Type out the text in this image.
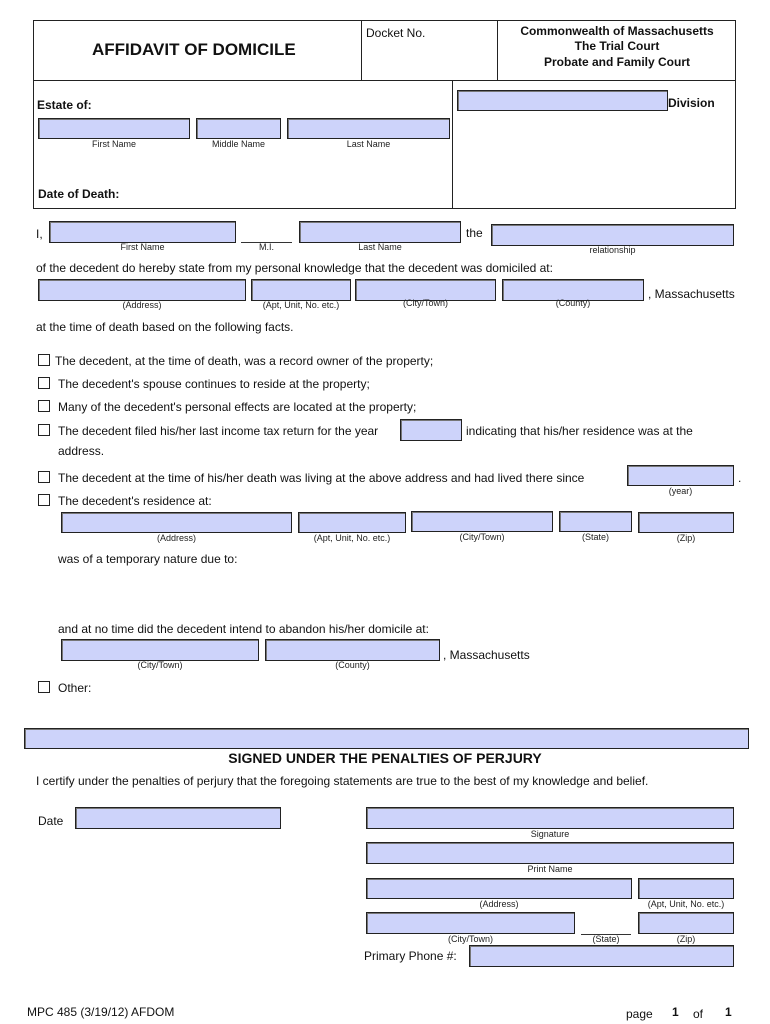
AFFIDAVIT OF DOMICILE
Docket No.	Commonwealth of Massachusetts
The Trial Court
Probate and Family Court
Division
Estate of:
First Name	Middle Name	Last Name
Date of Death:
I,	the
First Name	M.I.	Last Name	relationship
of the decedent do hereby state from my personal knowledge that the decedent was domiciled at:
, Massachusetts
(Address)	(Apt, Unit, No. etc.)	(City/Town)	(County)
at the time of death based on the following facts.
The decedent, at the time of death, was a record owner of the property;
The decedent's spouse continues to reside at the property;
Many of the decedent's personal effects are located at the property;
The decedent filed his/her last income tax return for the year	indicating that his/her residence was at the
address.
The decedent at the time of his/her death was living at the above address and had lived there since	.
(year)
The decedent's residence at:
(Address)	(Apt, Unit, No. etc.)	(City/Town)	(State)	(Zip)
was of a temporary nature due to:
and at no time did the decedent intend to abandon his/her domicile at:
, Massachusetts
(City/Town)	(County)
Other:
SIGNED UNDER THE PENALTIES OF PERJURY
I certify under the penalties of perjury that the foregoing statements are true to the best of my knowledge and belief.
Date
Signature
Print Name
(Address)	(Apt, Unit, No. etc.)
(City/Town)	(State)	(Zip)
Primary Phone #:
MPC 485 (3/19/12) AFDOM	page 1 of 1
